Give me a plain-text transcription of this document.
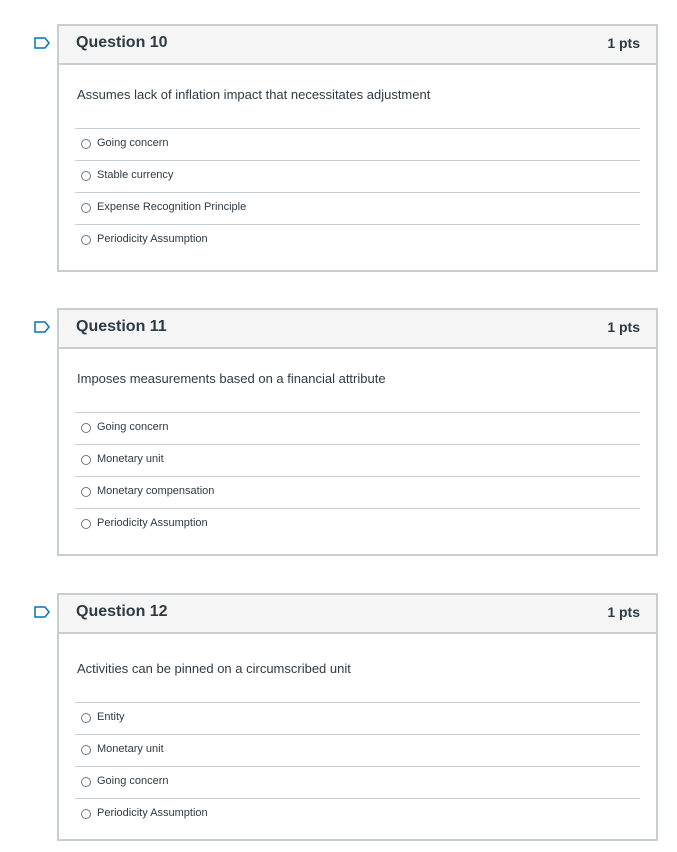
Question 10	1 pts
Assumes lack of inflation impact that necessitates adjustment
Going concern
Stable currency
Expense Recognition Principle
Periodicity Assumption
Question 11	1 pts
Imposes measurements based on a financial attribute
Going concern
Monetary unit
Monetary compensation
Periodicity Assumption
Question 12	1 pts
Activities can be pinned on a circumscribed unit
Entity
Monetary unit
Going concern
Periodicity Assumption
